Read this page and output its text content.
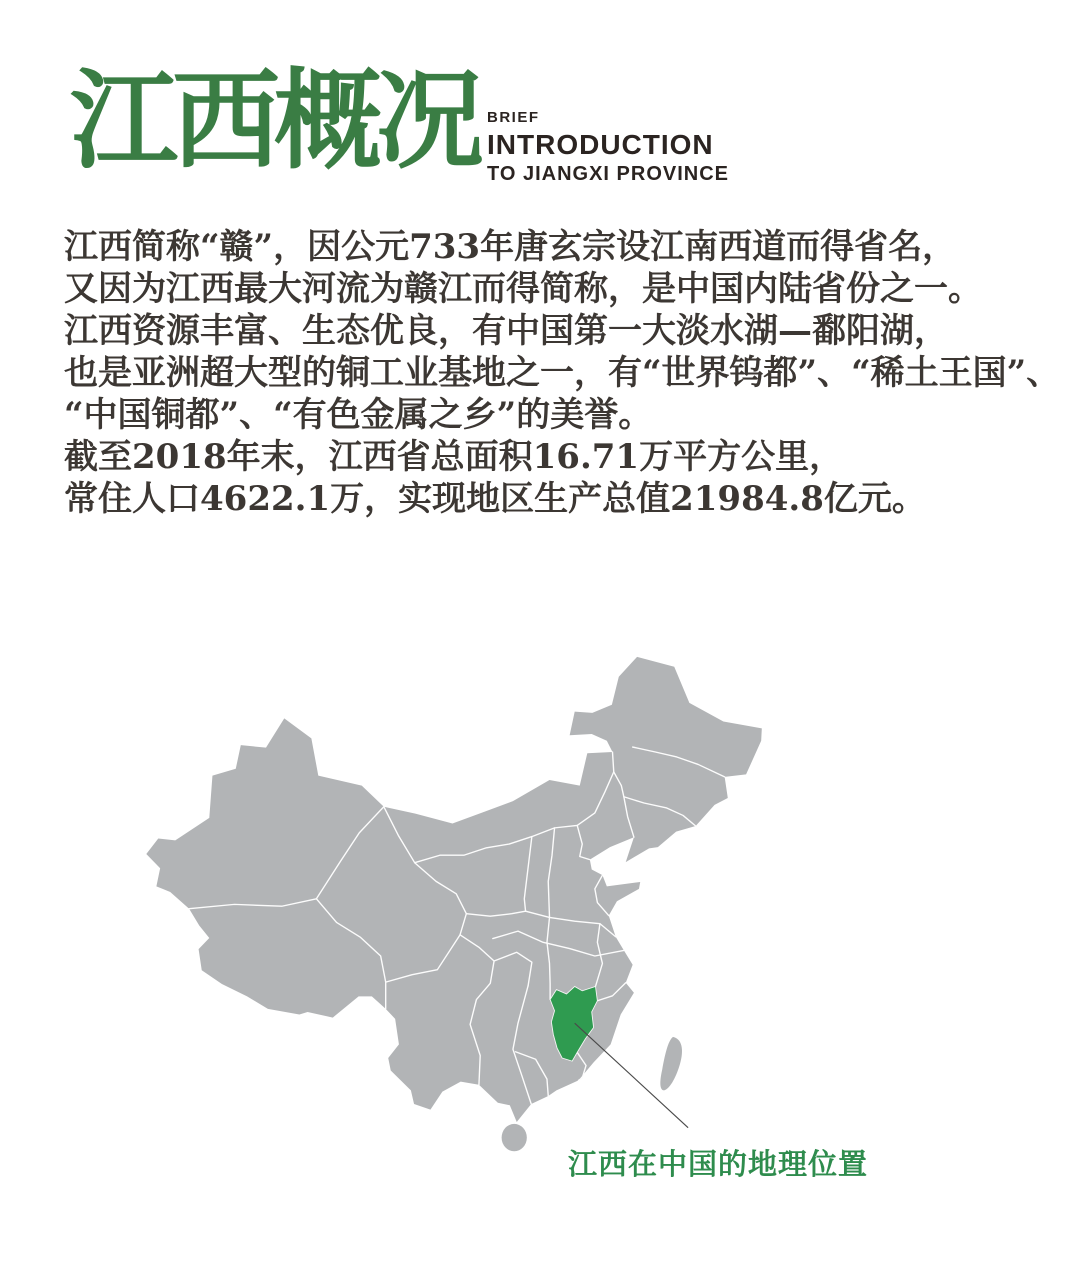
江西概况 BRIEF
INTRODUCTION
TO JIANGXI PROVINCE
江西简称“赣”，因公元733年唐玄宗设江南西道而得省名，
又因为江西最大河流为赣江而得简称，是中国内陆省份之一。
江西资源丰富、生态优良，有中国第一大淡水湖—鄱阳湖，
也是亚洲超大型的铜工业基地之一，有“世界钨都”、“稀土王国”、
“中国铜都”、“有色金属之乡”的美誉。
截至2018年末，江西省总面积16.71万平方公里，
常住人口4622.1万，实现地区生产总值21984.8亿元。
江西在中国的地理位置
